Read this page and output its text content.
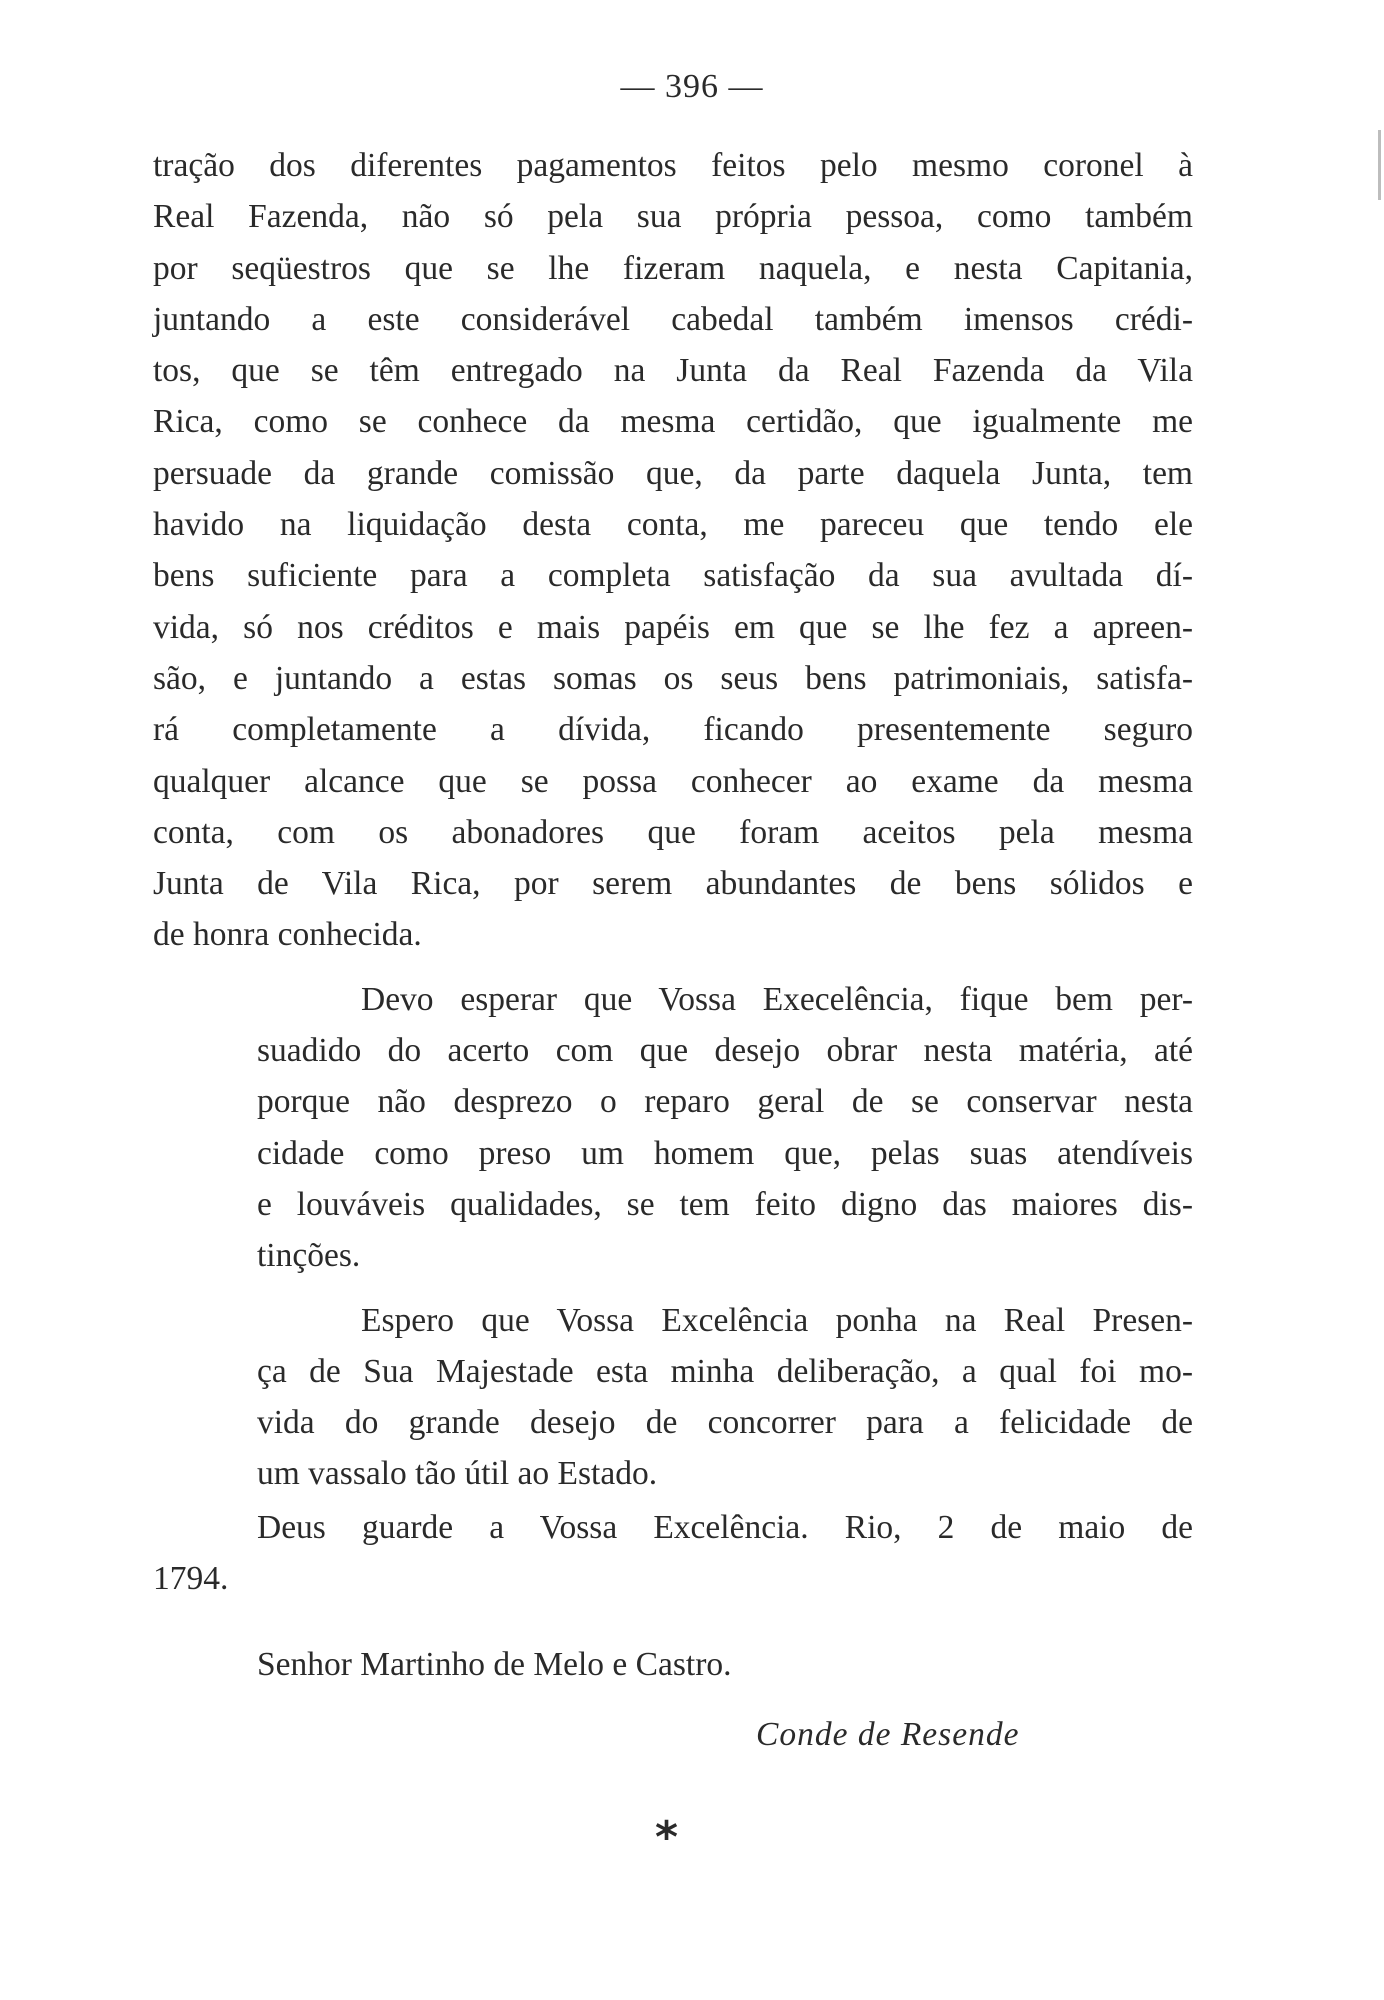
— 396 —
tração dos diferentes pagamentos feitos pelo mesmo coronel à
Real Fazenda, não só pela sua própria pessoa, como também
por seqüestros que se lhe fizeram naquela, e nesta Capitania,
juntando a este considerável cabedal também imensos crédi-
tos, que se têm entregado na Junta da Real Fazenda da Vila
Rica, como se conhece da mesma certidão, que igualmente me
persuade da grande comissão que, da parte daquela Junta, tem
havido na liquidação desta conta, me pareceu que tendo ele
bens suficiente para a completa satisfação da sua avultada dí-
vida, só nos créditos e mais papéis em que se lhe fez a apreen-
são, e juntando a estas somas os seus bens patrimoniais, satisfa-
rá completamente a dívida, ficando presentemente seguro
qualquer alcance que se possa conhecer ao exame da mesma
conta, com os abonadores que foram aceitos pela mesma
Junta de Vila Rica, por serem abundantes de bens sólidos e
de honra conhecida.
Devo esperar que Vossa Execelência, fique bem per-
suadido do acerto com que desejo obrar nesta matéria, até
porque não desprezo o reparo geral de se conservar nesta
cidade como preso um homem que, pelas suas atendíveis
e louváveis qualidades, se tem feito digno das maiores dis-
tinções.
Espero que Vossa Excelência ponha na Real Presen-
ça de Sua Majestade esta minha deliberação, a qual foi mo-
vida do grande desejo de concorrer para a felicidade de
um vassalo tão útil ao Estado.
Deus guarde a Vossa Excelência. Rio, 2 de maio de
1794.
Senhor Martinho de Melo e Castro.
Conde de Resende
*
